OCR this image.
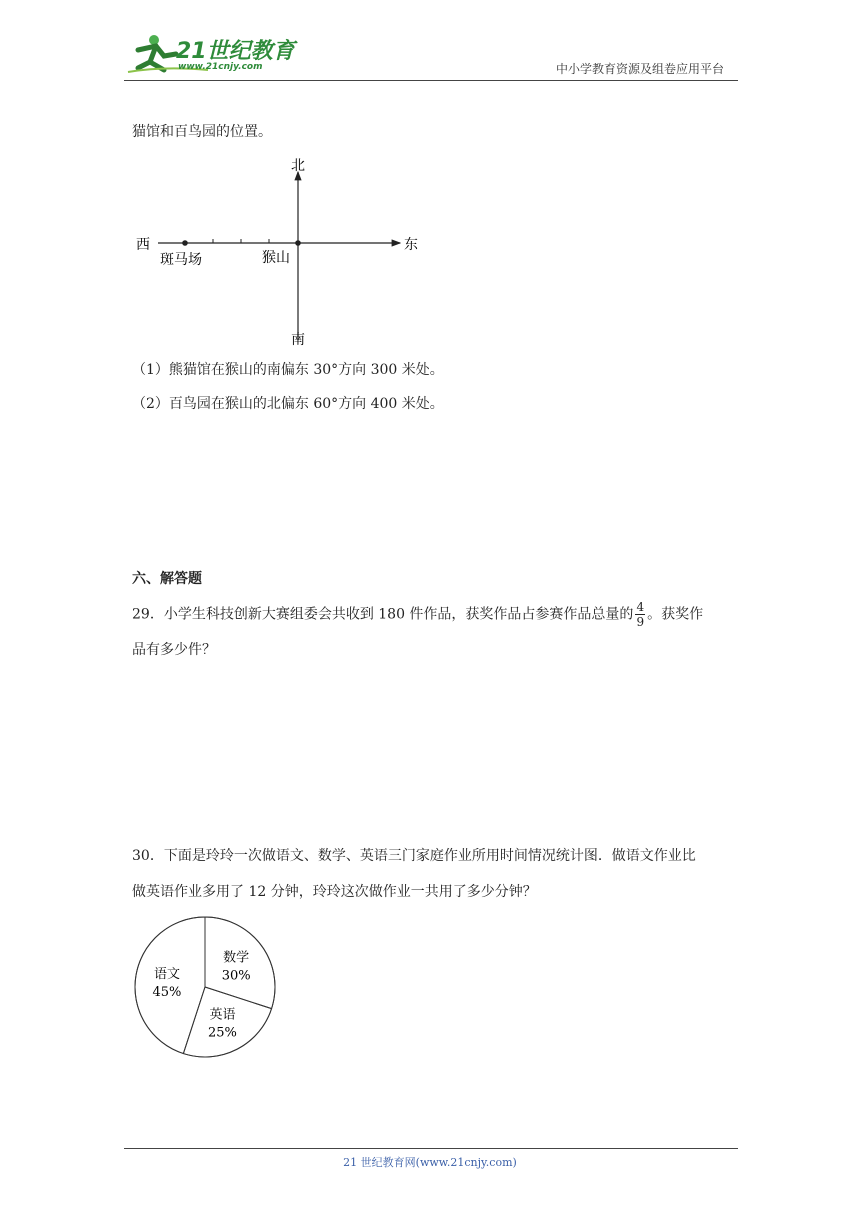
21世纪教育
www.21cnjy.com	中小学教育资源及组卷应用平台
猫馆和百鸟园的位置。
北
南
东
西
斑马场	猴山
（1）熊猫馆在猴山的南偏东 30°方向 300 米处。
（2）百鸟园在猴山的北偏东 60°方向 400 米处。
六、解答题
29．小学生科技创新大赛组委会共收到 180 件作品，获奖作品占参赛作品总量的 $\frac{4}{9}$ 。获奖作
品有多少件？
30．下面是玲玲一次做语文、数学、英语三门家庭作业所用时间情况统计图．做语文作业比
做英语作业多用了 12 分钟，玲玲这次做作业一共用了多少分钟？
数学
30%
英语
25%
语文
45%
21 世纪教育网(www.21cnjy.com)
